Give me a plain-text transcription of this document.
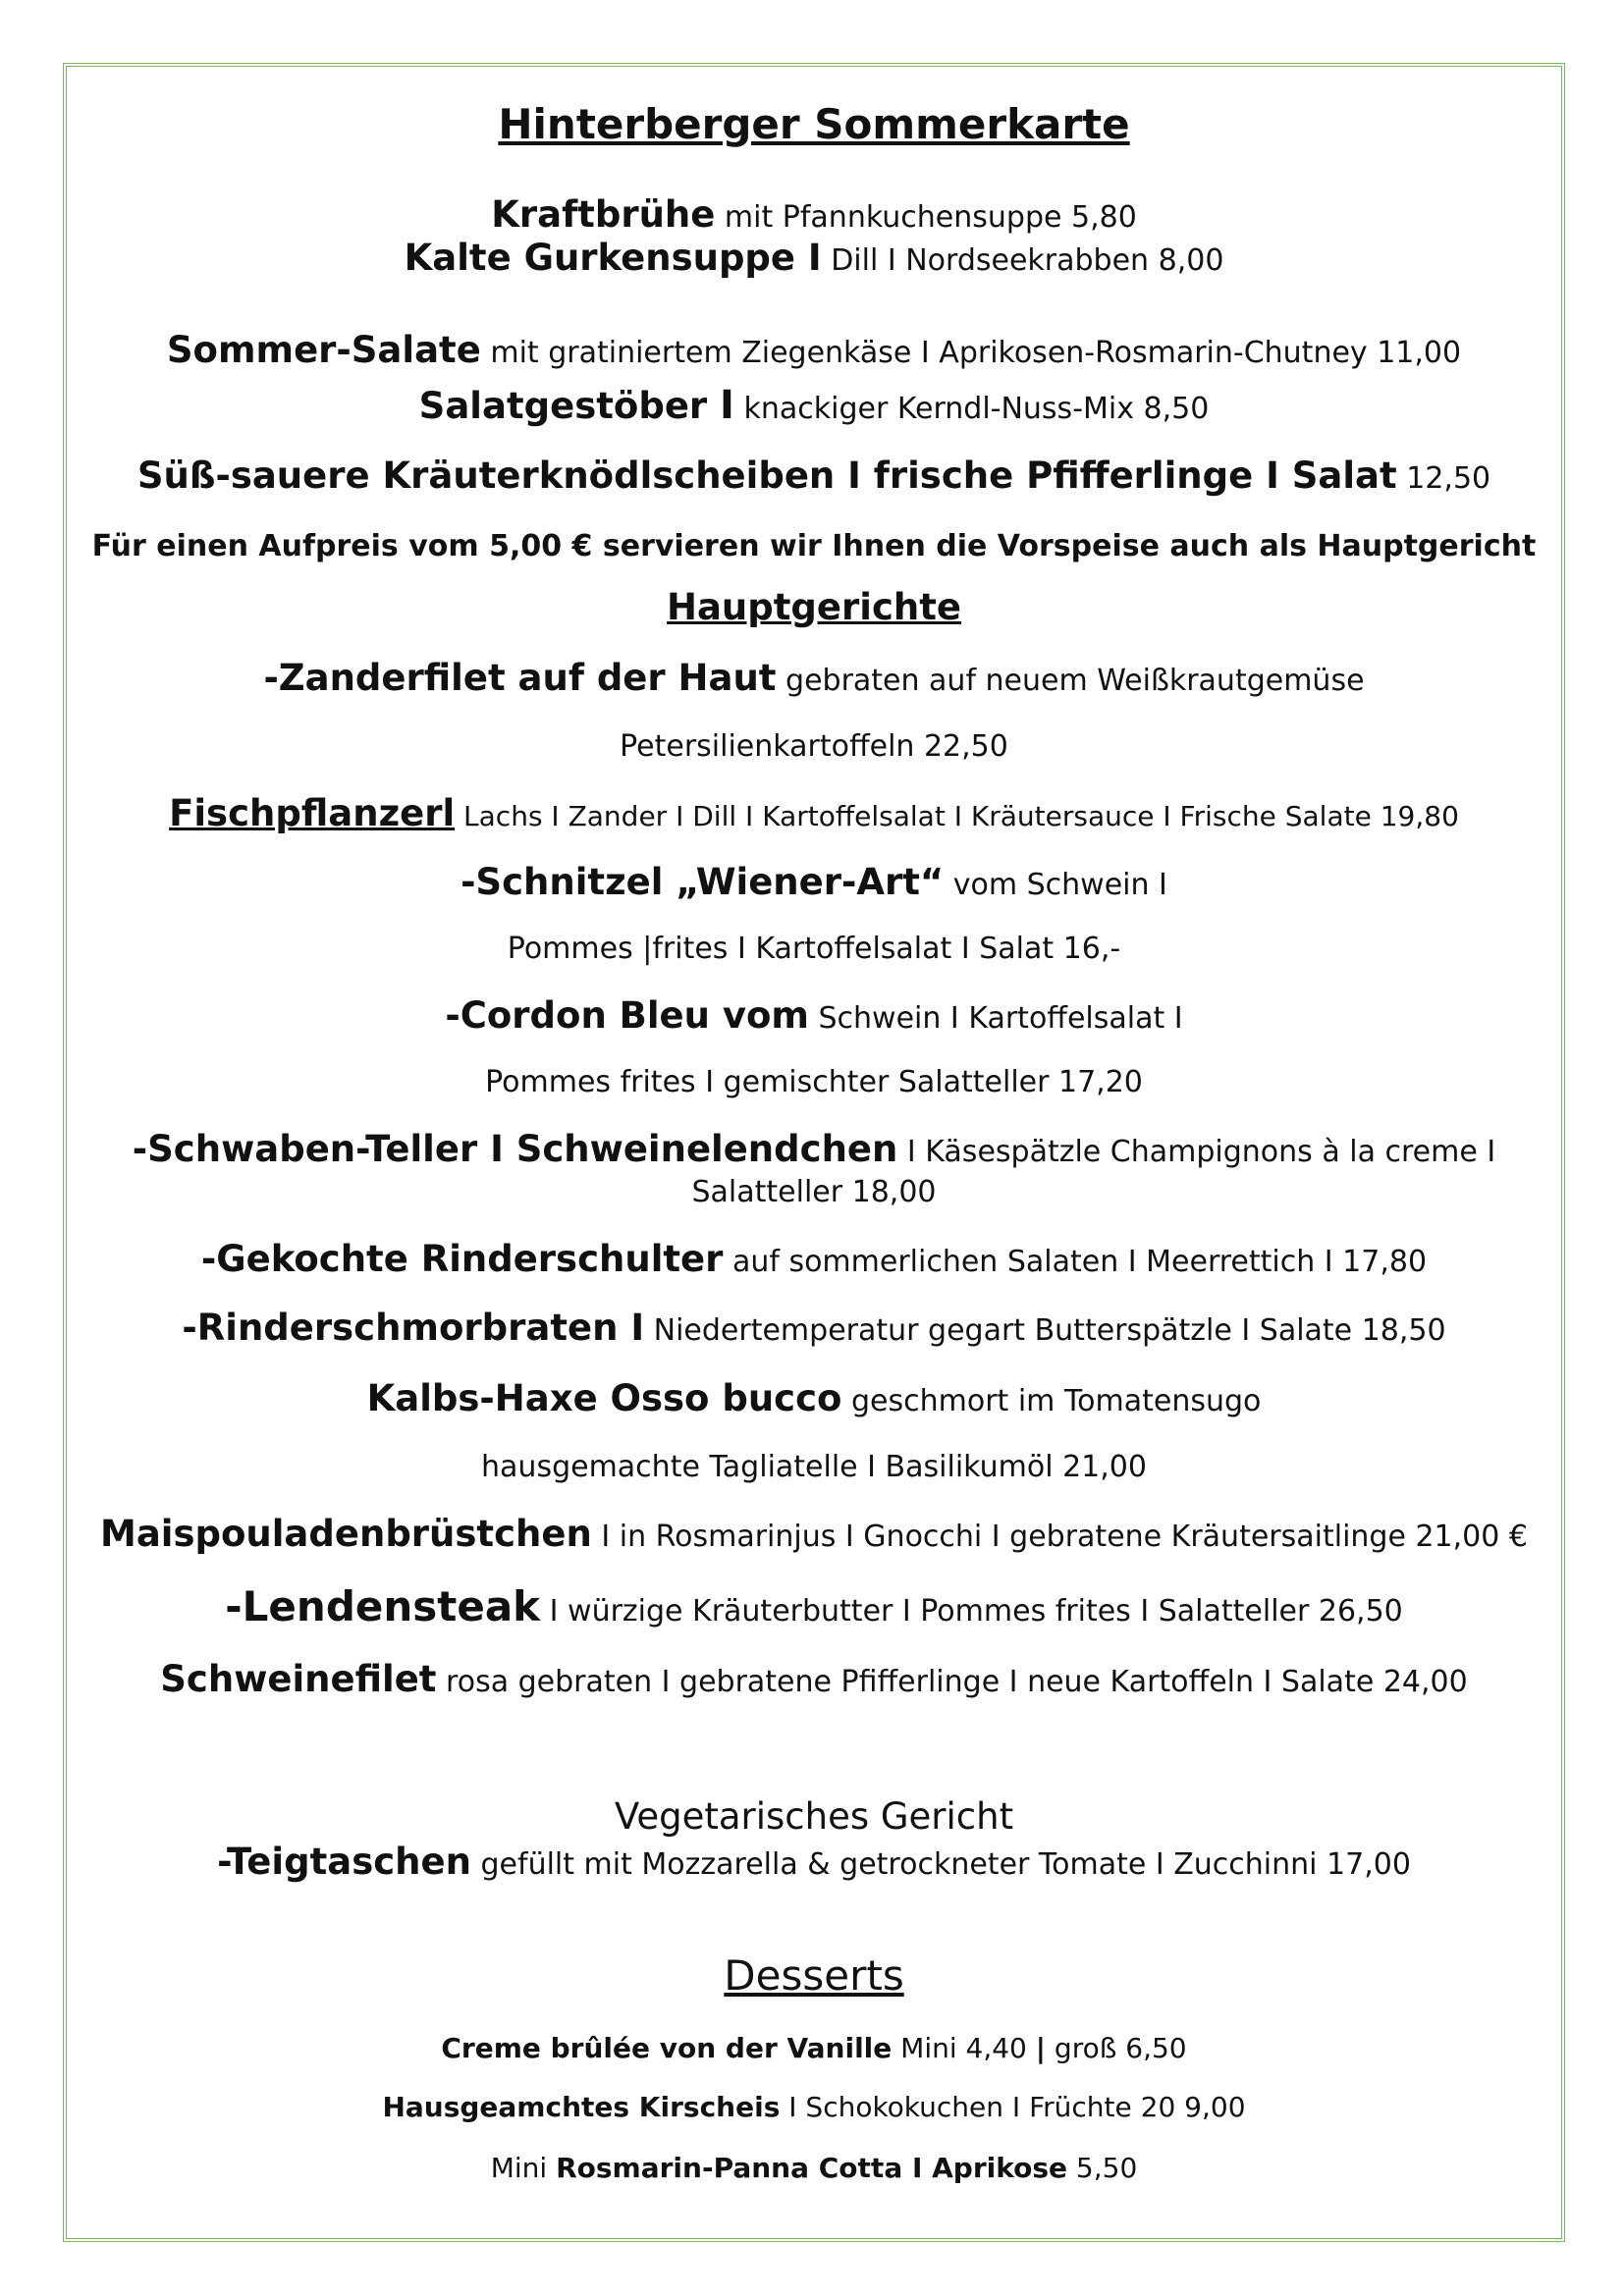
Hinterberger Sommerkarte
Kraftbrühe mit Pfannkuchensuppe 5,80
Kalte Gurkensuppe I Dill I Nordseekrabben 8,00
Sommer-Salate mit gratiniertem Ziegenkäse I Aprikosen-Rosmarin-Chutney 11,00
Salatgestöber I knackiger Kerndl-Nuss-Mix 8,50
Süß-sauere Kräuterknödlscheiben I frische Pfifferlinge I Salat 12,50
Für einen Aufpreis vom 5,00 € servieren wir Ihnen die Vorspeise auch als Hauptgericht
Hauptgerichte
-Zanderfilet auf der Haut gebraten auf neuem Weißkrautgemüse
Petersilienkartoffeln 22,50
Fischpflanzerl Lachs I Zander I Dill I Kartoffelsalat I Kräutersauce I Frische Salate 19,80
-Schnitzel „Wiener-Art“ vom Schwein I
Pommes |frites I Kartoffelsalat I Salat 16,-
-Cordon Bleu vom Schwein I Kartoffelsalat I
Pommes frites I gemischter Salatteller 17,20
-Schwaben-Teller I Schweinelendchen I Käsespätzle Champignons à la creme I
Salatteller 18,00
-Gekochte Rinderschulter auf sommerlichen Salaten I Meerrettich I 17,80
-Rinderschmorbraten I Niedertemperatur gegart Butterspätzle I Salate 18,50
Kalbs-Haxe Osso bucco geschmort im Tomatensugo
hausgemachte Tagliatelle I Basilikumöl 21,00
Maispouladenbrüstchen I in Rosmarinjus I Gnocchi I gebratene Kräutersaitlinge 21,00 €
-Lendensteak I würzige Kräuterbutter I Pommes frites I Salatteller 26,50
Schweinefilet rosa gebraten I gebratene Pfifferlinge I neue Kartoffeln I Salate 24,00
Vegetarisches Gericht
-Teigtaschen gefüllt mit Mozzarella & getrockneter Tomate I Zucchinni 17,00
Desserts
Creme brûlée von der Vanille Mini 4,40 | groß 6,50
Hausgeamchtes Kirscheis I Schokokuchen I Früchte 20 9,00
Mini Rosmarin-Panna Cotta I Aprikose 5,50
